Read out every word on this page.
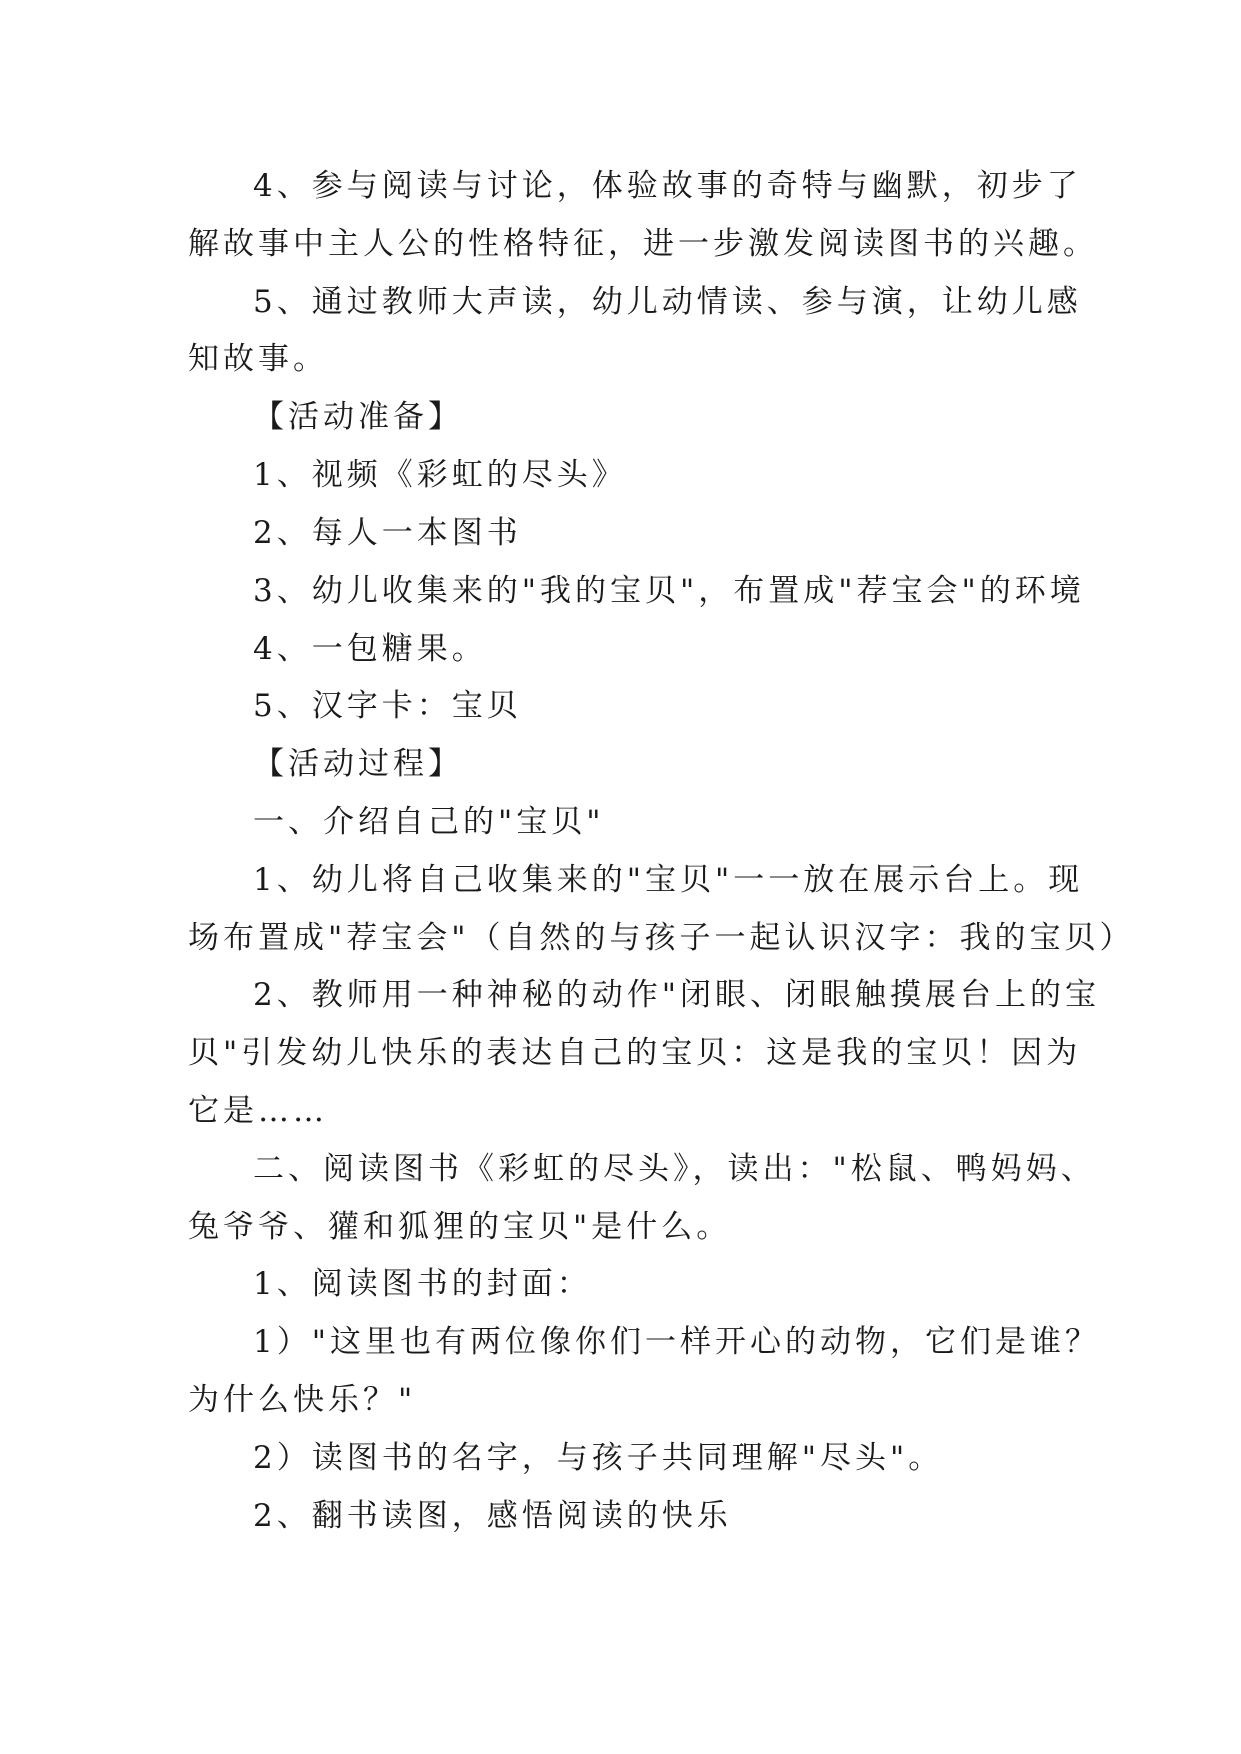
4、参与阅读与讨论，体验故事的奇特与幽默，初步了
解故事中主人公的性格特征，进一步激发阅读图书的兴趣。
5、通过教师大声读，幼儿动情读、参与演，让幼儿感
知故事。
【活动准备】
1、视频《彩虹的尽头》
2、每人一本图书
3、幼儿收集来的"我的宝贝"，布置成"荐宝会"的环境
4、一包糖果。
5、汉字卡：宝贝
【活动过程】
一、介绍自己的"宝贝"
1、幼儿将自己收集来的"宝贝"一一放在展示台上。现
场布置成"荐宝会"（自然的与孩子一起认识汉字：我的宝贝）
2、教师用一种神秘的动作"闭眼、闭眼触摸展台上的宝
贝"引发幼儿快乐的表达自己的宝贝：这是我的宝贝！因为
它是……
二、阅读图书《彩虹的尽头》，读出："松鼠、鸭妈妈、
兔爷爷、獾和狐狸的宝贝"是什么。
1、阅读图书的封面：
1）"这里也有两位像你们一样开心的动物，它们是谁？
为什么快乐？"
2）读图书的名字，与孩子共同理解"尽头"。
2、翻书读图，感悟阅读的快乐
